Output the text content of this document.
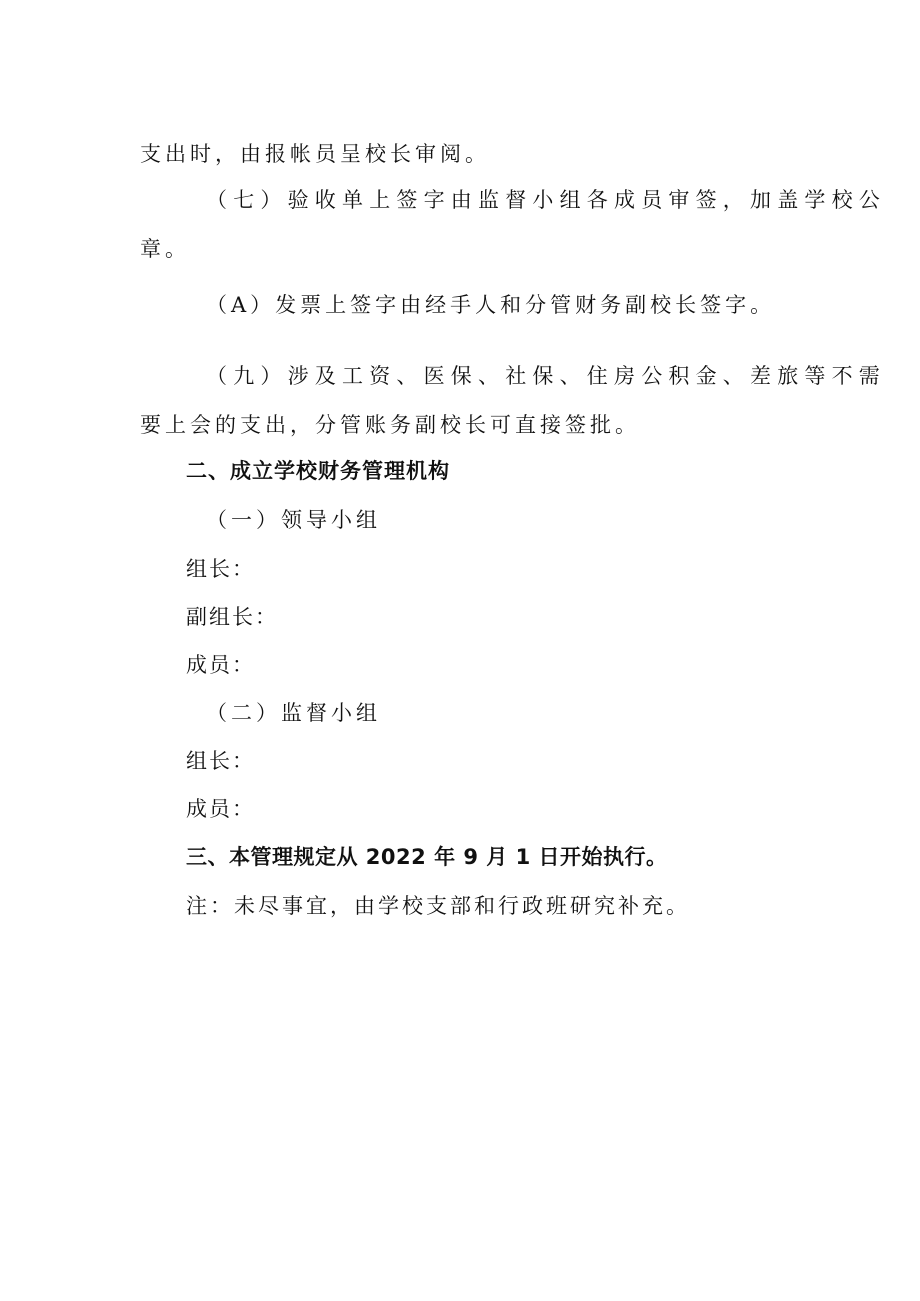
支出时，由报帐员呈校长审阅。
（七）验收单上签字由监督小组各成员审签，加盖学校公
章。
（A）发票上签字由经手人和分管财务副校长签字。
（九）涉及工资、医保、社保、住房公积金、差旅等不需
要上会的支出，分管账务副校长可直接签批。
二、成立学校财务管理机构
（一）领导小组
组长：
副组长：
成员：
（二）监督小组
组长：
成员：
三、本管理规定从 2022 年 9 月 1 日开始执行。
注：未尽事宜，由学校支部和行政班研究补充。
